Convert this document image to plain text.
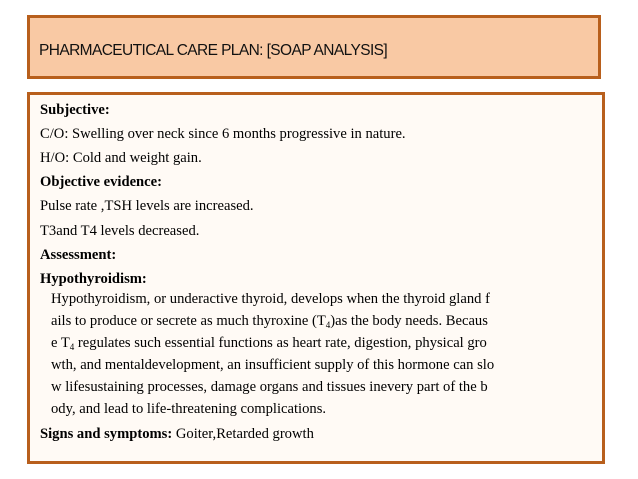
PHARMACEUTICAL CARE PLAN: [SOAP ANALYSIS]
Subjective:
C/O: Swelling over neck since 6 months progressive in nature.
H/O: Cold and weight gain.
Objective evidence:
Pulse rate ,TSH levels are increased.
T3and T4 levels decreased.
Assessment:
Hypothyroidism:
Hypothyroidism, or underactive thyroid, develops when the thyroid gland f
ails to produce or secrete as much thyroxine $(T_4)as$ the body needs. Becaus
e $T_4$ regulates such essential functions as heart rate, digestion, physical gro
wth, and mentaldevelopment, an insufficient supply of this hormone can slo
w lifesustaining processes, damage organs and tissues inevery part of the b
ody, and lead to life-threatening complications.
Signs and symptoms: Goiter,Retarded growth
